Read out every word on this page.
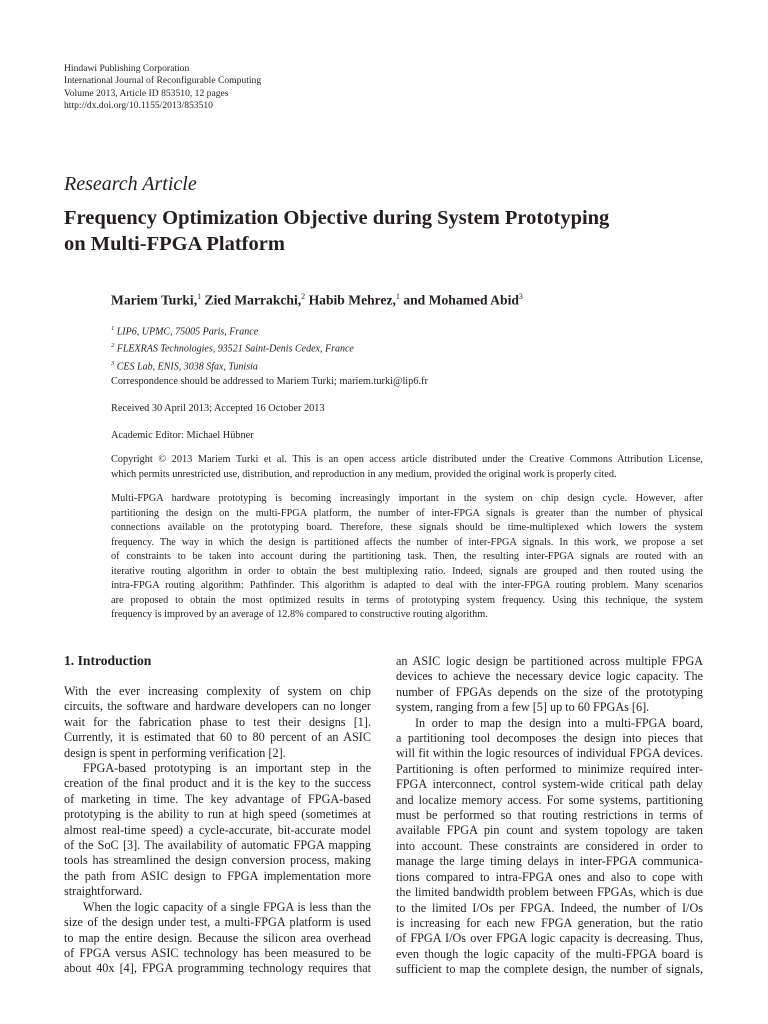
Hindawi Publishing Corporation
International Journal of Reconfigurable Computing
Volume 2013, Article ID 853510, 12 pages
http://dx.doi.org/10.1155/2013/853510
Research Article
Frequency Optimization Objective during System Prototyping
on Multi-FPGA Platform
Mariem Turki,$^1$ Zied Marrakchi,$^2$ Habib Mehrez,$^1$ and Mohamed Abid$^3$
$^1$ LIP6, UPMC, 75005 Paris, France
$^2$ FLEXRAS Technologies, 93521 Saint-Denis Cedex, France
$^3$ CES Lab, ENIS, 3038 Sfax, Tunisia
Correspondence should be addressed to Mariem Turki; mariem.turki@lip6.fr
Received 30 April 2013; Accepted 16 October 2013
Academic Editor: Michael Hübner
Copyright © 2013 Mariem Turki et al. This is an open access article distributed under the Creative Commons Attribution License,
which permits unrestricted use, distribution, and reproduction in any medium, provided the original work is properly cited.
Multi-FPGA hardware prototyping is becoming increasingly important in the system on chip design cycle. However, after
partitioning the design on the multi-FPGA platform, the number of inter-FPGA signals is greater than the number of physical
connections available on the prototyping board. Therefore, these signals should be time-multiplexed which lowers the system
frequency. The way in which the design is partitioned affects the number of inter-FPGA signals. In this work, we propose a set
of constraints to be taken into account during the partitioning task. Then, the resulting inter-FPGA signals are routed with an
iterative routing algorithm in order to obtain the best multiplexing ratio. Indeed, signals are grouped and then routed using the
intra-FPGA routing algorithm: Pathfinder. This algorithm is adapted to deal with the inter-FPGA routing problem. Many scenarios
are proposed to obtain the most optimized results in terms of prototyping system frequency. Using this technique, the system
frequency is improved by an average of 12.8% compared to constructive routing algorithm.
1. Introduction
With the ever increasing complexity of system on chip
circuits, the software and hardware developers can no longer
wait for the fabrication phase to test their designs [1].
Currently, it is estimated that 60 to 80 percent of an ASIC
design is spent in performing verification [2].
FPGA-based prototyping is an important step in the
creation of the final product and it is the key to the success
of marketing in time. The key advantage of FPGA-based
prototyping is the ability to run at high speed (sometimes at
almost real-time speed) a cycle-accurate, bit-accurate model
of the SoC [3]. The availability of automatic FPGA mapping
tools has streamlined the design conversion process, making
the path from ASIC design to FPGA implementation more
straightforward.
When the logic capacity of a single FPGA is less than the
size of the design under test, a multi-FPGA platform is used
to map the entire design. Because the silicon area overhead
of FPGA versus ASIC technology has been measured to be
about 40x [4], FPGA programming technology requires that
an ASIC logic design be partitioned across multiple FPGA
devices to achieve the necessary device logic capacity. The
number of FPGAs depends on the size of the prototyping
system, ranging from a few [5] up to 60 FPGAs [6].
In order to map the design into a multi-FPGA board,
a partitioning tool decomposes the design into pieces that
will fit within the logic resources of individual FPGA devices.
Partitioning is often performed to minimize required inter-
FPGA interconnect, control system-wide critical path delay
and localize memory access. For some systems, partitioning
must be performed so that routing restrictions in terms of
available FPGA pin count and system topology are taken
into account. These constraints are considered in order to
manage the large timing delays in inter-FPGA communica-
tions compared to intra-FPGA ones and also to cope with
the limited bandwidth problem between FPGAs, which is due
to the limited I/Os per FPGA. Indeed, the number of I/Os
is increasing for each new FPGA generation, but the ratio
of FPGA I/Os over FPGA logic capacity is decreasing. Thus,
even though the logic capacity of the multi-FPGA board is
sufficient to map the complete design, the number of signals,
